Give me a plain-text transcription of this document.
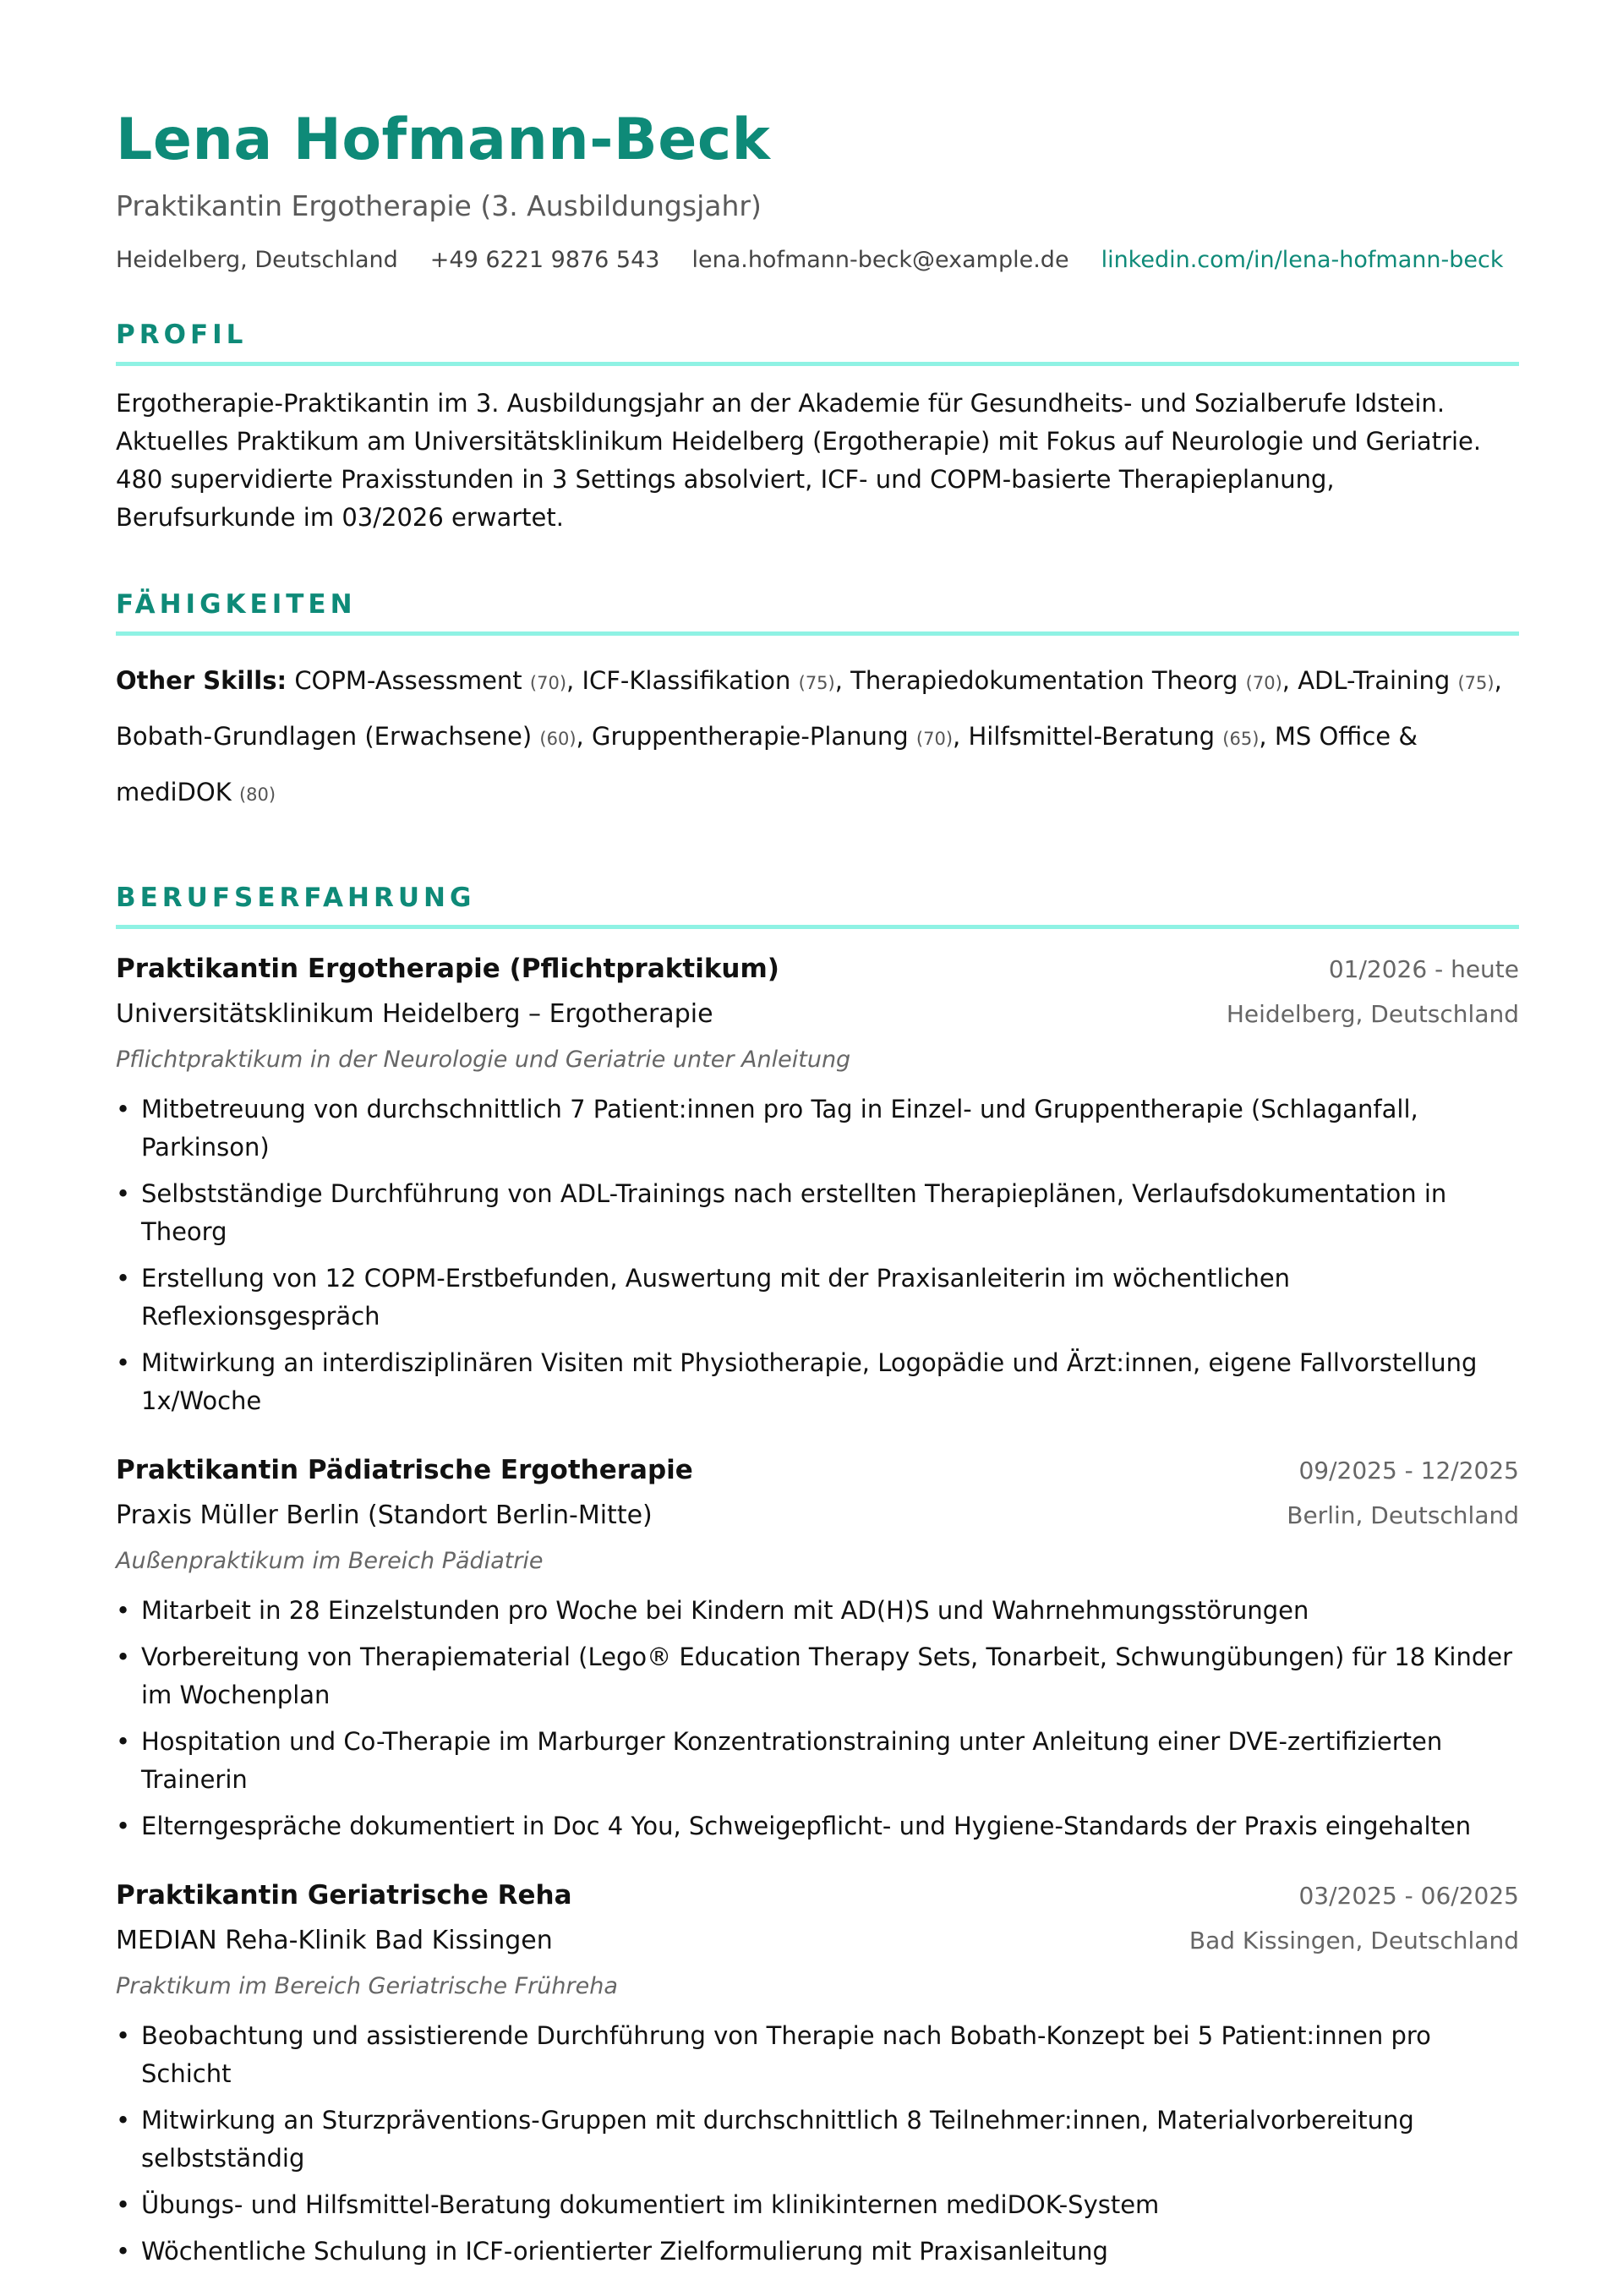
Lena Hofmann-Beck
Praktikantin Ergotherapie (3. Ausbildungsjahr)
Heidelberg, Deutschland +49 6221 9876 543 lena.hofmann-beck@example.de linkedin.com/in/lena-hofmann-beck
PROFIL

Ergotherapie-Praktikantin im 3. Ausbildungsjahr an der Akademie für Gesundheits- und Sozialberufe Idstein. Aktuelles Praktikum am Universitätsklinikum Heidelberg (Ergotherapie) mit Fokus auf Neurologie und Geriatrie. 480 supervidierte Praxisstunden in 3 Settings absolviert, ICF- und COPM-basierte Therapieplanung, Berufsurkunde im 03/2026 erwartet.

FÄHIGKEITEN
Other Skills: COPM-Assessment (70), ICF-Klassifikation (75), Therapiedokumentation Theorg (70), ADL-Training (75),
Bobath-Grundlagen (Erwachsene) (60), Gruppentherapie-Planung (70), Hilfsmittel-Beratung (65), MS Office & mediDOK (80)
BERUFSERFAHRUNG
Praktikantin Ergotherapie (Pflichtpraktikum)	01/2026 - heute
Universitätsklinikum Heidelberg – Ergotherapie	Heidelberg, Deutschland
Pflichtpraktikum in der Neurologie und Geriatrie unter Anleitung
• Mitbetreuung von durchschnittlich 7 Patient:innen pro Tag in Einzel- und Gruppentherapie (Schlaganfall, Parkinson)
• Selbstständige Durchführung von ADL-Trainings nach erstellten Therapieplänen, Verlaufsdokumentation in Theorg
• Erstellung von 12 COPM-Erstbefunden, Auswertung mit der Praxisanleiterin im wöchentlichen Reflexionsgespräch
• Mitwirkung an interdisziplinären Visiten mit Physiotherapie, Logopädie und Ärzt:innen, eigene Fallvorstellung 1x/Woche
Praktikantin Pädiatrische Ergotherapie	09/2025 - 12/2025
Praxis Müller Berlin (Standort Berlin-Mitte)	Berlin, Deutschland
Außenpraktikum im Bereich Pädiatrie
• Mitarbeit in 28 Einzelstunden pro Woche bei Kindern mit AD(H)S und Wahrnehmungsstörungen
• Vorbereitung von Therapiematerial (Lego® Education Therapy Sets, Tonarbeit, Schwungübungen) für 18 Kinder im Wochenplan
• Hospitation und Co-Therapie im Marburger Konzentrationstraining unter Anleitung einer DVE-zertifizierten Trainerin
• Elterngespräche dokumentiert in Doc 4 You, Schweigepflicht- und Hygiene-Standards der Praxis eingehalten
Praktikantin Geriatrische Reha	03/2025 - 06/2025
MEDIAN Reha-Klinik Bad Kissingen	Bad Kissingen, Deutschland
Praktikum im Bereich Geriatrische Frühreha
• Beobachtung und assistierende Durchführung von Therapie nach Bobath-Konzept bei 5 Patient:innen pro Schicht
• Mitwirkung an Sturzpräventions-Gruppen mit durchschnittlich 8 Teilnehmer:innen, Materialvorbereitung selbstständig
• Übungs- und Hilfsmittel-Beratung dokumentiert im klinikinternen mediDOK-System
• Wöchentliche Schulung in ICF-orientierter Zielformulierung mit Praxisanleitung
